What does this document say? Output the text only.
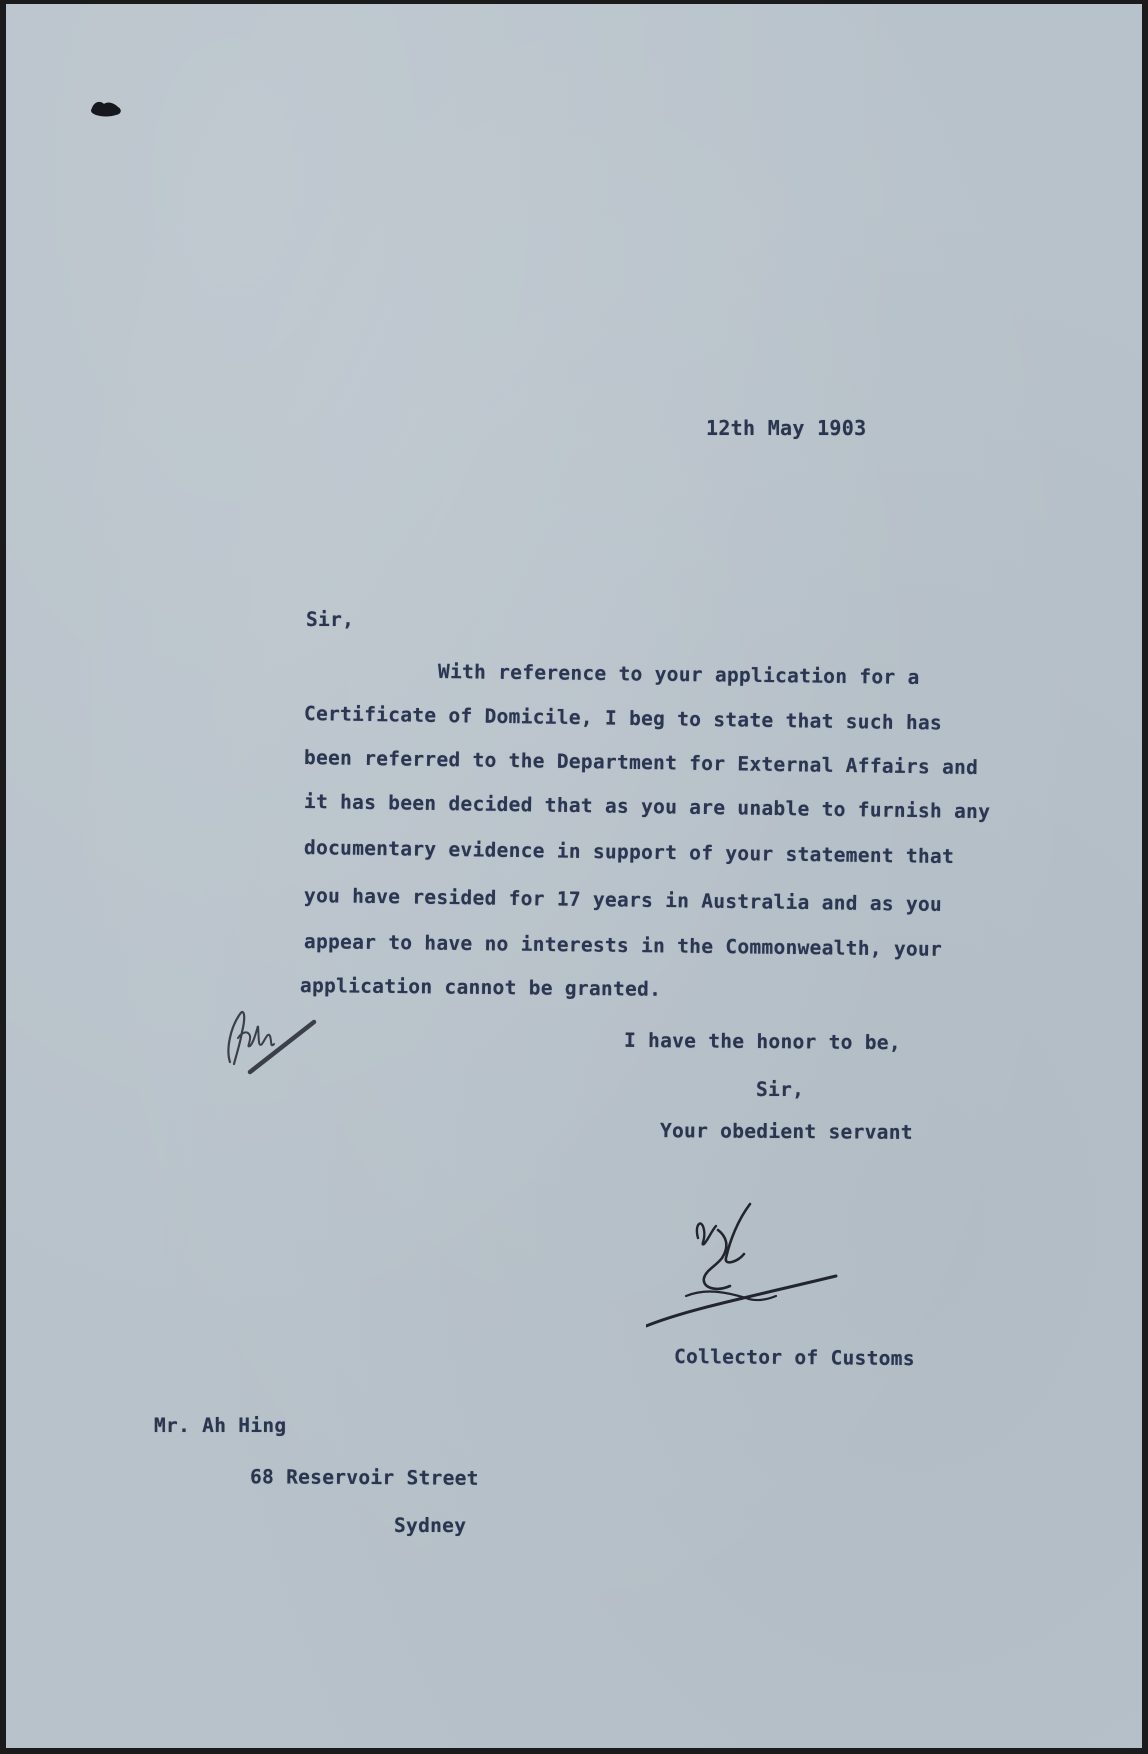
12th May 1903
Sir,
With reference to your application for a
Certificate of Domicile, I beg to state that such has
been referred to the Department for External Affairs and
it has been decided that as you are unable to furnish any
documentary evidence in support of your statement that
you have resided for 17 years in Australia and as you
appear to have no interests in the Commonwealth, your
application cannot be granted.
I have the honor to be,
Sir,
Your obedient servant
Collector of Customs
Mr. Ah Hing
68 Reservoir Street
Sydney
